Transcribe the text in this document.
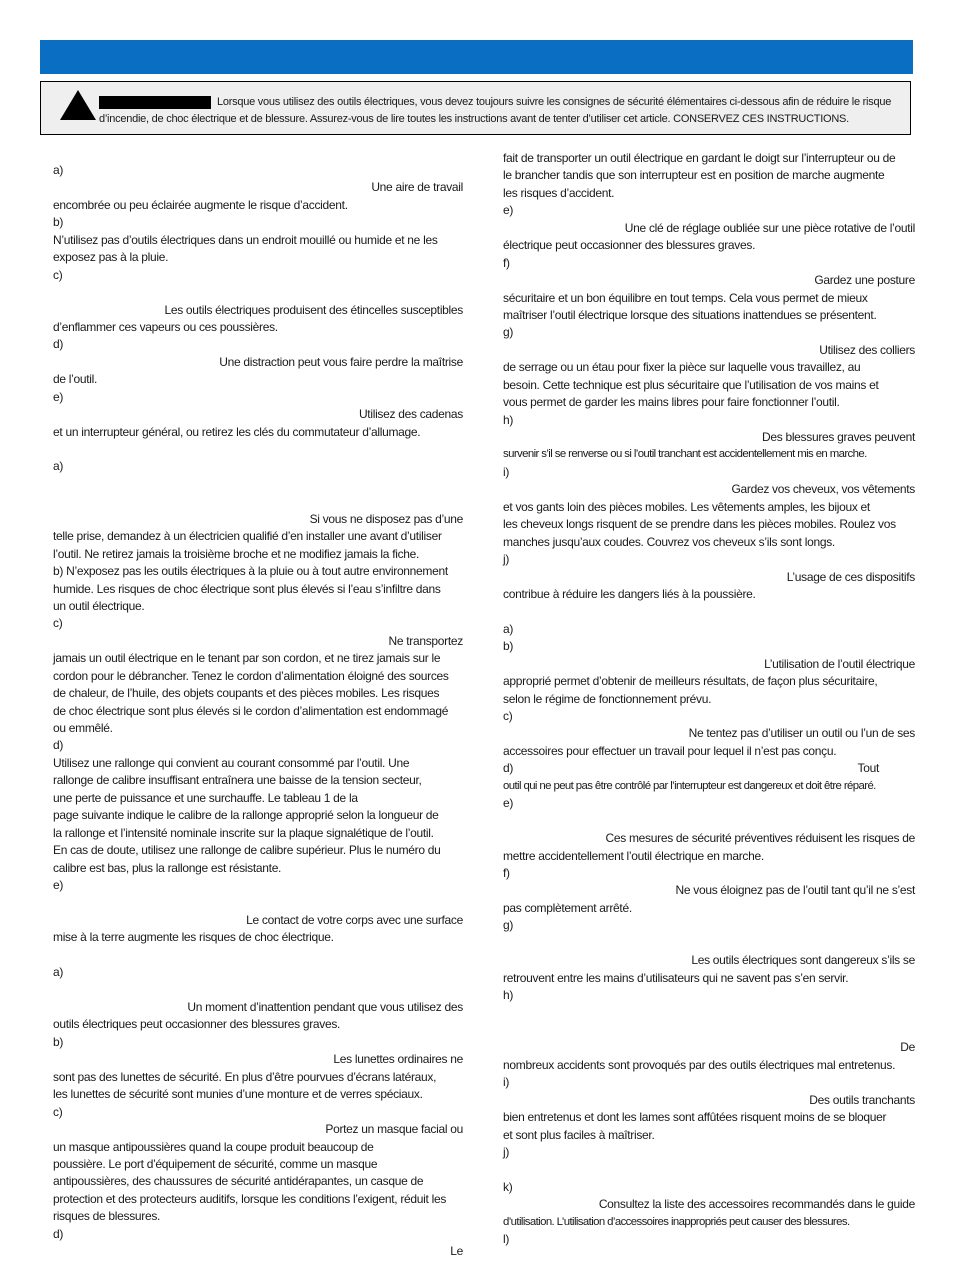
Lorsque vous utilisez des outils électriques, vous devez toujours suivre les consignes de sécurité élémentaires ci-dessous afin de réduire le risque d’incendie, de choc électrique et de blessure. Assurez-vous de lire toutes les instructions avant de tenter d’utiliser cet article. CONSERVEZ CES INSTRUCTIONS.

a)
Une aire de travail
encombrée ou peu éclairée augmente le risque d’accident.
b)
N’utilisez pas d’outils électriques dans un endroit mouillé ou humide et ne les
exposez pas à la pluie.
c)
Les outils électriques produisent des étincelles susceptibles
d’enflammer ces vapeurs ou ces poussières.
d)
Une distraction peut vous faire perdre la maîtrise
de l’outil.
e)
Utilisez des cadenas
et un interrupteur général, ou retirez les clés du commutateur d’allumage.
a)
Si vous ne disposez pas d’une
telle prise, demandez à un électricien qualifié d’en installer une avant d’utiliser
l’outil. Ne retirez jamais la troisième broche et ne modifiez jamais la fiche.
b) N’exposez pas les outils électriques à la pluie ou à tout autre environnement
humide. Les risques de choc électrique sont plus élevés si l’eau s’infiltre dans
un outil électrique.
c)
Ne transportez
jamais un outil électrique en le tenant par son cordon, et ne tirez jamais sur le
cordon pour le débrancher. Tenez le cordon d’alimentation éloigné des sources
de chaleur, de l’huile, des objets coupants et des pièces mobiles. Les risques
de choc électrique sont plus élevés si le cordon d’alimentation est endommagé
ou emmêlé.
d)
Utilisez une rallonge qui convient au courant consommé par l’outil. Une
rallonge de calibre insuffisant entraînera une baisse de la tension secteur,
une perte de puissance et une surchauffe. Le tableau 1 de la
page suivante indique le calibre de la rallonge approprié selon la longueur de
la rallonge et l’intensité nominale inscrite sur la plaque signalétique de l’outil.
En cas de doute, utilisez une rallonge de calibre supérieur. Plus le numéro du
calibre est bas, plus la rallonge est résistante.
e)
Le contact de votre corps avec une surface
mise à la terre augmente les risques de choc électrique.
a)
Un moment d’inattention pendant que vous utilisez des
outils électriques peut occasionner des blessures graves.
b)
Les lunettes ordinaires ne
sont pas des lunettes de sécurité. En plus d’être pourvues d’écrans latéraux,
les lunettes de sécurité sont munies d’une monture et de verres spéciaux.
c)
Portez un masque facial ou
un masque antipoussières quand la coupe produit beaucoup de
poussière. Le port d’équipement de sécurité, comme un masque
antipoussières, des chaussures de sécurité antidérapantes, un casque de
protection et des protecteurs auditifs, lorsque les conditions l’exigent, réduit les
risques de blessures.
d)
Le
fait de transporter un outil électrique en gardant le doigt sur l’interrupteur ou de
le brancher tandis que son interrupteur est en position de marche augmente
les risques d’accident.
e)
Une clé de réglage oubliée sur une pièce rotative de l’outil
électrique peut occasionner des blessures graves.
f)
Gardez une posture
sécuritaire et un bon équilibre en tout temps. Cela vous permet de mieux
maîtriser l’outil électrique lorsque des situations inattendues se présentent.
g)
Utilisez des colliers
de serrage ou un étau pour fixer la pièce sur laquelle vous travaillez, au
besoin. Cette technique est plus sécuritaire que l’utilisation de vos mains et
vous permet de garder les mains libres pour faire fonctionner l’outil.
h)
Des blessures graves peuvent
survenir s’il se renverse ou si l’outil tranchant est accidentellement mis en marche.
i)
Gardez vos cheveux, vos vêtements
et vos gants loin des pièces mobiles. Les vêtements amples, les bijoux et
les cheveux longs risquent de se prendre dans les pièces mobiles. Roulez vos
manches jusqu’aux coudes. Couvrez vos cheveux s’ils sont longs.
j)
L’usage de ces dispositifs
contribue à réduire les dangers liés à la poussière.
a)
b)
L’utilisation de l’outil électrique
approprié permet d’obtenir de meilleurs résultats, de façon plus sécuritaire,
selon le régime de fonctionnement prévu.
c)
Ne tentez pas d’utiliser un outil ou l’un de ses
accessoires pour effectuer un travail pour lequel il n’est pas conçu.
d)	Tout
outil qui ne peut pas être contrôlé par l’interrupteur est dangereux et doit être réparé.
e)
Ces mesures de sécurité préventives réduisent les risques de
mettre accidentellement l’outil électrique en marche.
f)
Ne vous éloignez pas de l’outil tant qu’il ne s’est
pas complètement arrêté.
g)
Les outils électriques sont dangereux s’ils se
retrouvent entre les mains d’utilisateurs qui ne savent pas s’en servir.
h)
De
nombreux accidents sont provoqués par des outils électriques mal entretenus.
i)
Des outils tranchants
bien entretenus et dont les lames sont affûtées risquent moins de se bloquer
et sont plus faciles à maîtriser.
j)
k)
Consultez la liste des accessoires recommandés dans le guide
d’utilisation. L’utilisation d’accessoires inappropriés peut causer des blessures.
l)
